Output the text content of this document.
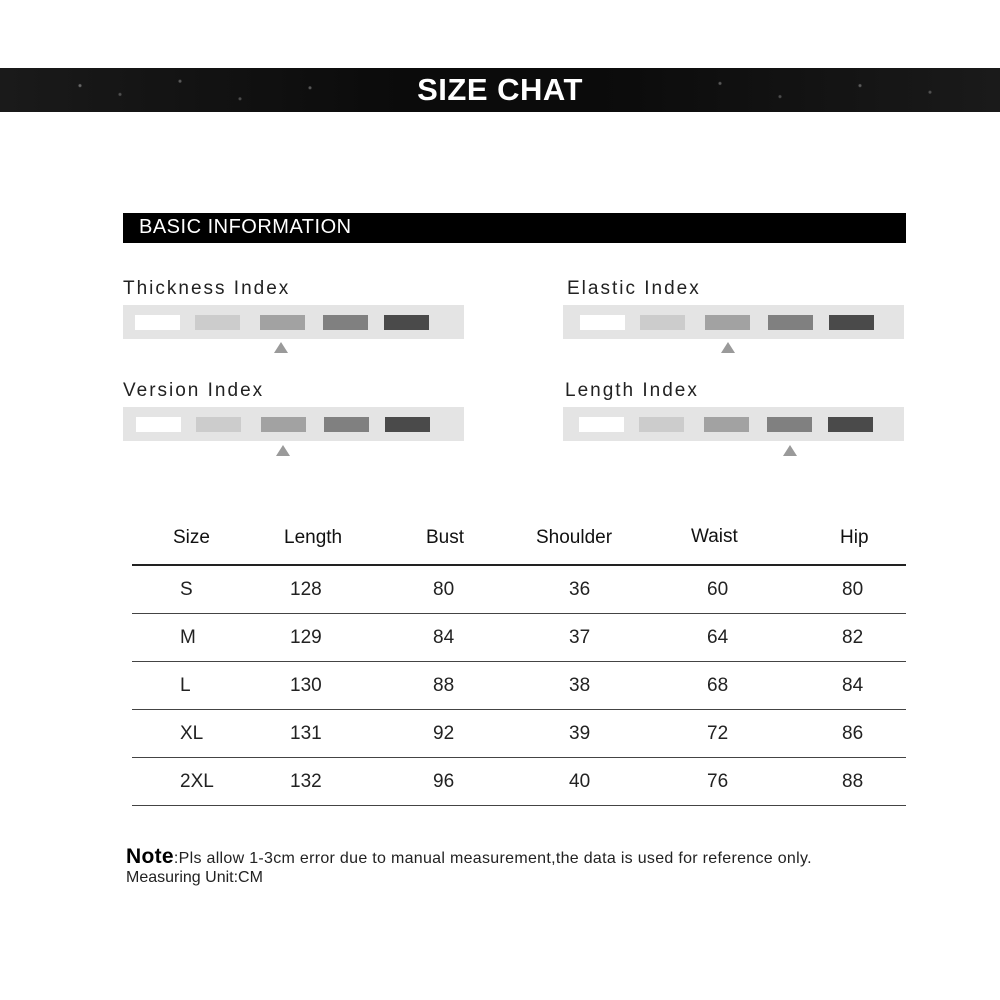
SIZE CHAT
BASIC INFORMATION
Thickness Index	Elastic Index
Version Index	Length Index
Size	Length	Bust	Shoulder	Waist	Hip
S	128	80	36	60	80
M	129	84	37	64	82
L	130	88	38	68	84
XL	131	92	39	72	86
2XL	132	96	40	76	88
Note:Pls allow 1-3cm error due to manual measurement,the data is used for reference only.
Measuring Unit:CM
